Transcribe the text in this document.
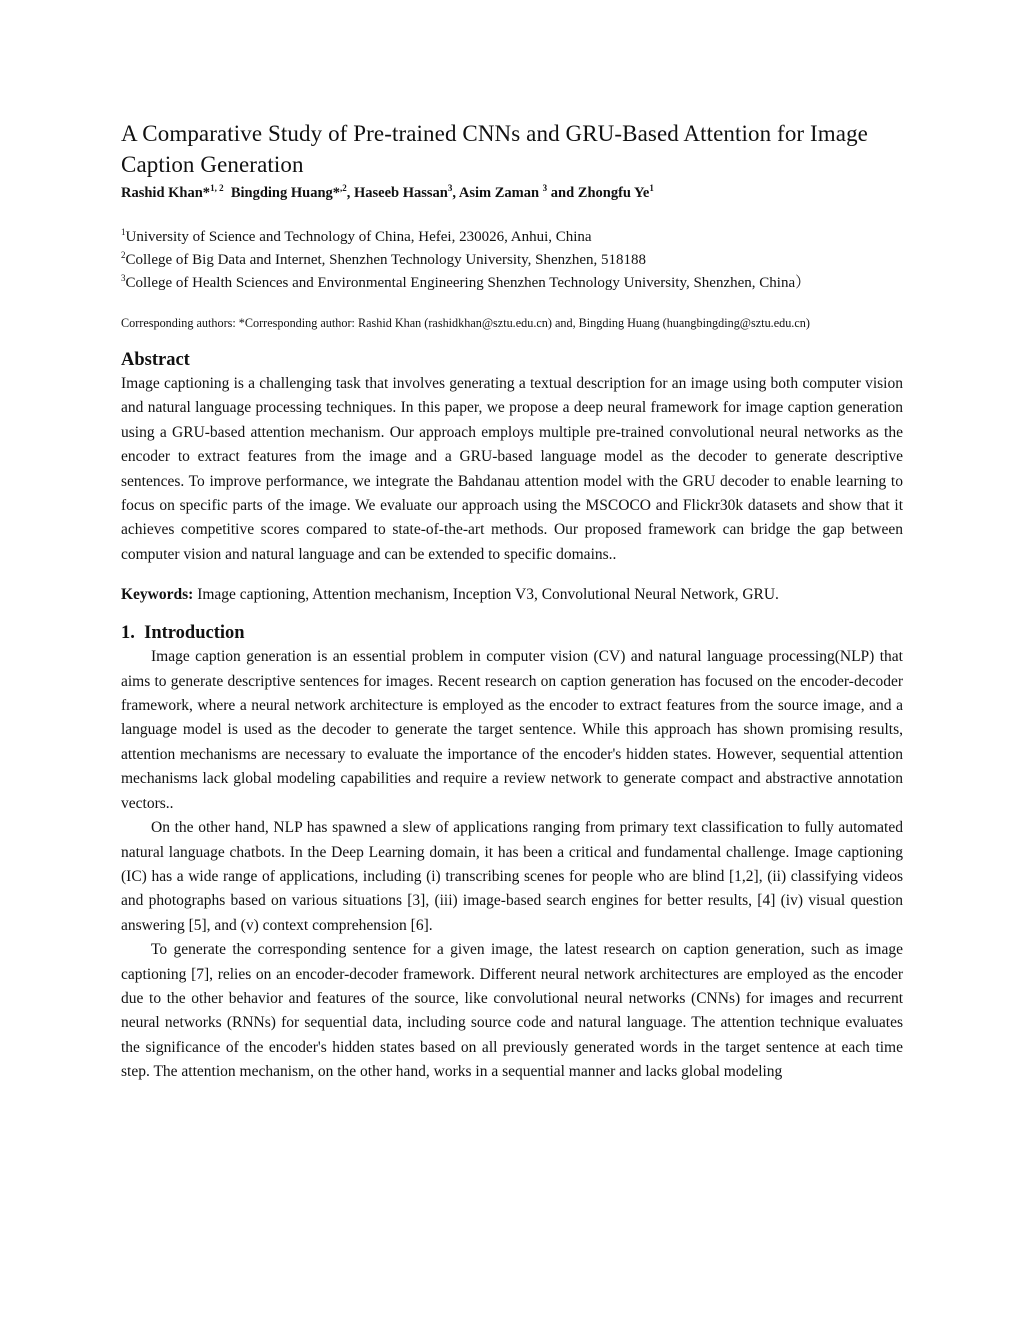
A Comparative Study of Pre-trained CNNs and GRU-Based Attention for Image Caption Generation
Rashid Khan*$^{1, 2}$ Bingding Huang*$^{,2}$, Haseeb Hassan$^3$, Asim Zaman $^3$ and Zhongfu Ye$^1$
$^1$University of Science and Technology of China, Hefei, 230026, Anhui, China
$^2$College of Big Data and Internet, Shenzhen Technology University, Shenzhen, 518188
$^3$College of Health Sciences and Environmental Engineering Shenzhen Technology University, Shenzhen, China）
Corresponding authors: *Corresponding author: Rashid Khan (rashidkhan@sztu.edu.cn) and, Bingding Huang (huangbingding@sztu.edu.cn)
Abstract

Image captioning is a challenging task that involves generating a textual description for an image using both computer vision and natural language processing techniques. In this paper, we propose a deep neural framework for image caption generation using a GRU-based attention mechanism. Our approach employs multiple pre-trained convolutional neural networks as the encoder to extract features from the image and a GRU-based language model as the decoder to generate descriptive sentences. To improve performance, we integrate the Bahdanau attention model with the GRU decoder to enable learning to focus on specific parts of the image. We evaluate our approach using the MSCOCO and Flickr30k datasets and show that it achieves competitive scores compared to state-of-the-art methods. Our proposed framework can bridge the gap between computer vision and natural language and can be extended to specific domains..

Keywords: Image captioning, Attention mechanism, Inception V3, Convolutional Neural Network, GRU.
1.  Introduction

Image caption generation is an essential problem in computer vision (CV) and natural language processing(NLP) that aims to generate descriptive sentences for images. Recent research on caption generation has focused on the encoder-decoder framework, where a neural network architecture is employed as the encoder to extract features from the source image, and a language model is used as the decoder to generate the target sentence. While this approach has shown promising results, attention mechanisms are necessary to evaluate the importance of the encoder's hidden states. However, sequential attention mechanisms lack global modeling capabilities and require a review network to generate compact and abstractive annotation vectors..

On the other hand, NLP has spawned a slew of applications ranging from primary text classification to fully automated natural language chatbots. In the Deep Learning domain, it has been a critical and fundamental challenge. Image captioning (IC) has a wide range of applications, including (i) transcribing scenes for people who are blind [1,2], (ii) classifying videos and photographs based on various situations [3], (iii) image-based search engines for better results, [4] (iv) visual question answering [5], and (v) context comprehension [6].

To generate the corresponding sentence for a given image, the latest research on caption generation, such as image captioning [7], relies on an encoder-decoder framework. Different neural network architectures are employed as the encoder due to the other behavior and features of the source, like convolutional neural networks (CNNs) for images and recurrent neural networks (RNNs) for sequential data, including source code and natural language. The attention technique evaluates the significance of the encoder's hidden states based on all previously generated words in the target sentence at each time step. The attention mechanism, on the other hand, works in a sequential manner and lacks global modeling
